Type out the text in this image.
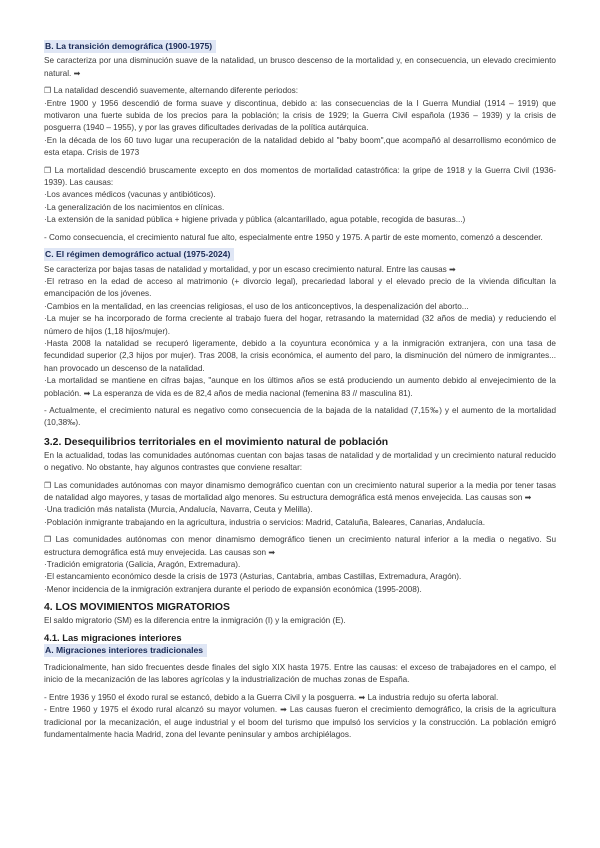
B. La transición demográfica (1900-1975)

Se caracteriza por una disminución suave de la natalidad, un brusco descenso de la mortalidad y, en consecuencia, un elevado crecimiento natural. ➡

❐ La natalidad descendió suavemente, alternando diferente periodos:

·Entre 1900 y 1956 descendió de forma suave y discontinua, debido a: las consecuencias de la I Guerra Mundial (1914 – 1919) que motivaron una fuerte subida de los precios para la población; la crisis de 1929; la Guerra Civil española (1936 – 1939) y la crisis de posguerra (1940 – 1955), y por las graves dificultades derivadas de la política autárquica.

·En la década de los 60 tuvo lugar una recuperación de la natalidad debido al "baby boom",que acompañó al desarrollismo económico de esta etapa. Crisis de 1973

❐ La mortalidad descendió bruscamente excepto en dos momentos de mortalidad catastrófica: la gripe de 1918 y la Guerra Civil (1936-1939). Las causas:

·Los avances médicos (vacunas y antibióticos).

·La generalización de los nacimientos en clínicas.

·La extensión de la sanidad pública + higiene privada y pública (alcantarillado, agua potable, recogida de basuras...)

- Como consecuencia, el crecimiento natural fue alto, especialmente entre 1950 y 1975. A partir de este momento, comenzó a descender.

C. El régimen demográfico actual (1975-2024)

Se caracteriza por bajas tasas de natalidad y mortalidad, y por un escaso crecimiento natural. Entre las causas ➡

·El retraso en la edad de acceso al matrimonio (+ divorcio legal), precariedad laboral y el elevado precio de la vivienda dificultan la emancipación de los jóvenes.

·Cambios en la mentalidad, en las creencias religiosas, el uso de los anticonceptivos, la despenalización del aborto...

·La mujer se ha incorporado de forma creciente al trabajo fuera del hogar, retrasando la maternidad (32 años de media) y reduciendo el número de hijos (1,18 hijos/mujer).

·Hasta 2008 la natalidad se recuperó ligeramente, debido a la coyuntura económica y a la inmigración extranjera, con una tasa de fecundidad superior (2,3 hijos por mujer). Tras 2008, la crisis económica, el aumento del paro, la disminución del número de inmigrantes... han provocado un descenso de la natalidad.

·La mortalidad se mantiene en cifras bajas, "aunque en los últimos años se está produciendo un aumento debido al envejecimiento de la población. ➡ La esperanza de vida es de 82,4 años de media nacional (femenina 83 // masculina 81).

- Actualmente, el crecimiento natural es negativo como consecuencia de la bajada de la natalidad (7,15‰) y el aumento de la mortalidad (10,38‰).

3.2. Desequilibrios territoriales en el movimiento natural de población

En la actualidad, todas las comunidades autónomas cuentan con bajas tasas de natalidad y de mortalidad y un crecimiento natural reducido o negativo. No obstante, hay algunos contrastes que conviene resaltar:

❐ Las comunidades autónomas con mayor dinamismo demográfico cuentan con un crecimiento natural superior a la media por tener tasas de natalidad algo mayores, y tasas de mortalidad algo menores. Su estructura demográfica está menos envejecida. Las causas son ➡

·Una tradición más natalista (Murcia, Andalucía, Navarra, Ceuta y Melilla).

·Población inmigrante trabajando en la agricultura, industria o servicios: Madrid, Cataluña, Baleares, Canarias, Andalucía.

❐ Las comunidades autónomas con menor dinamismo demográfico tienen un crecimiento natural inferior a la media o negativo. Su estructura demográfica está muy envejecida. Las causas son ➡

·Tradición emigratoria (Galicia, Aragón, Extremadura).

·El estancamiento económico desde la crisis de 1973 (Asturias, Cantabria, ambas Castillas, Extremadura, Aragón).

·Menor incidencia de la inmigración extranjera durante el periodo de expansión económica (1995-2008).

4. LOS MOVIMIENTOS MIGRATORIOS

El saldo migratorio (SM) es la diferencia entre la inmigración (I) y la emigración (E).

4.1. Las migraciones interiores
A. Migraciones interiores tradicionales

Tradicionalmente, han sido frecuentes desde finales del siglo XIX hasta 1975. Entre las causas: el exceso de trabajadores en el campo, el inicio de la mecanización de las labores agrícolas y la industrialización de muchas zonas de España.

- Entre 1936 y 1950 el éxodo rural se estancó, debido a la Guerra Civil y la posguerra. ➡ La industria redujo su oferta laboral.

- Entre 1960 y 1975 el éxodo rural alcanzó su mayor volumen. ➡ Las causas fueron el crecimiento demográfico, la crisis de la agricultura tradicional por la mecanización, el auge industrial y el boom del turismo que impulsó los servicios y la construcción. La población emigró fundamentalmente hacia Madrid, zona del levante peninsular y ambos archipiélagos.
